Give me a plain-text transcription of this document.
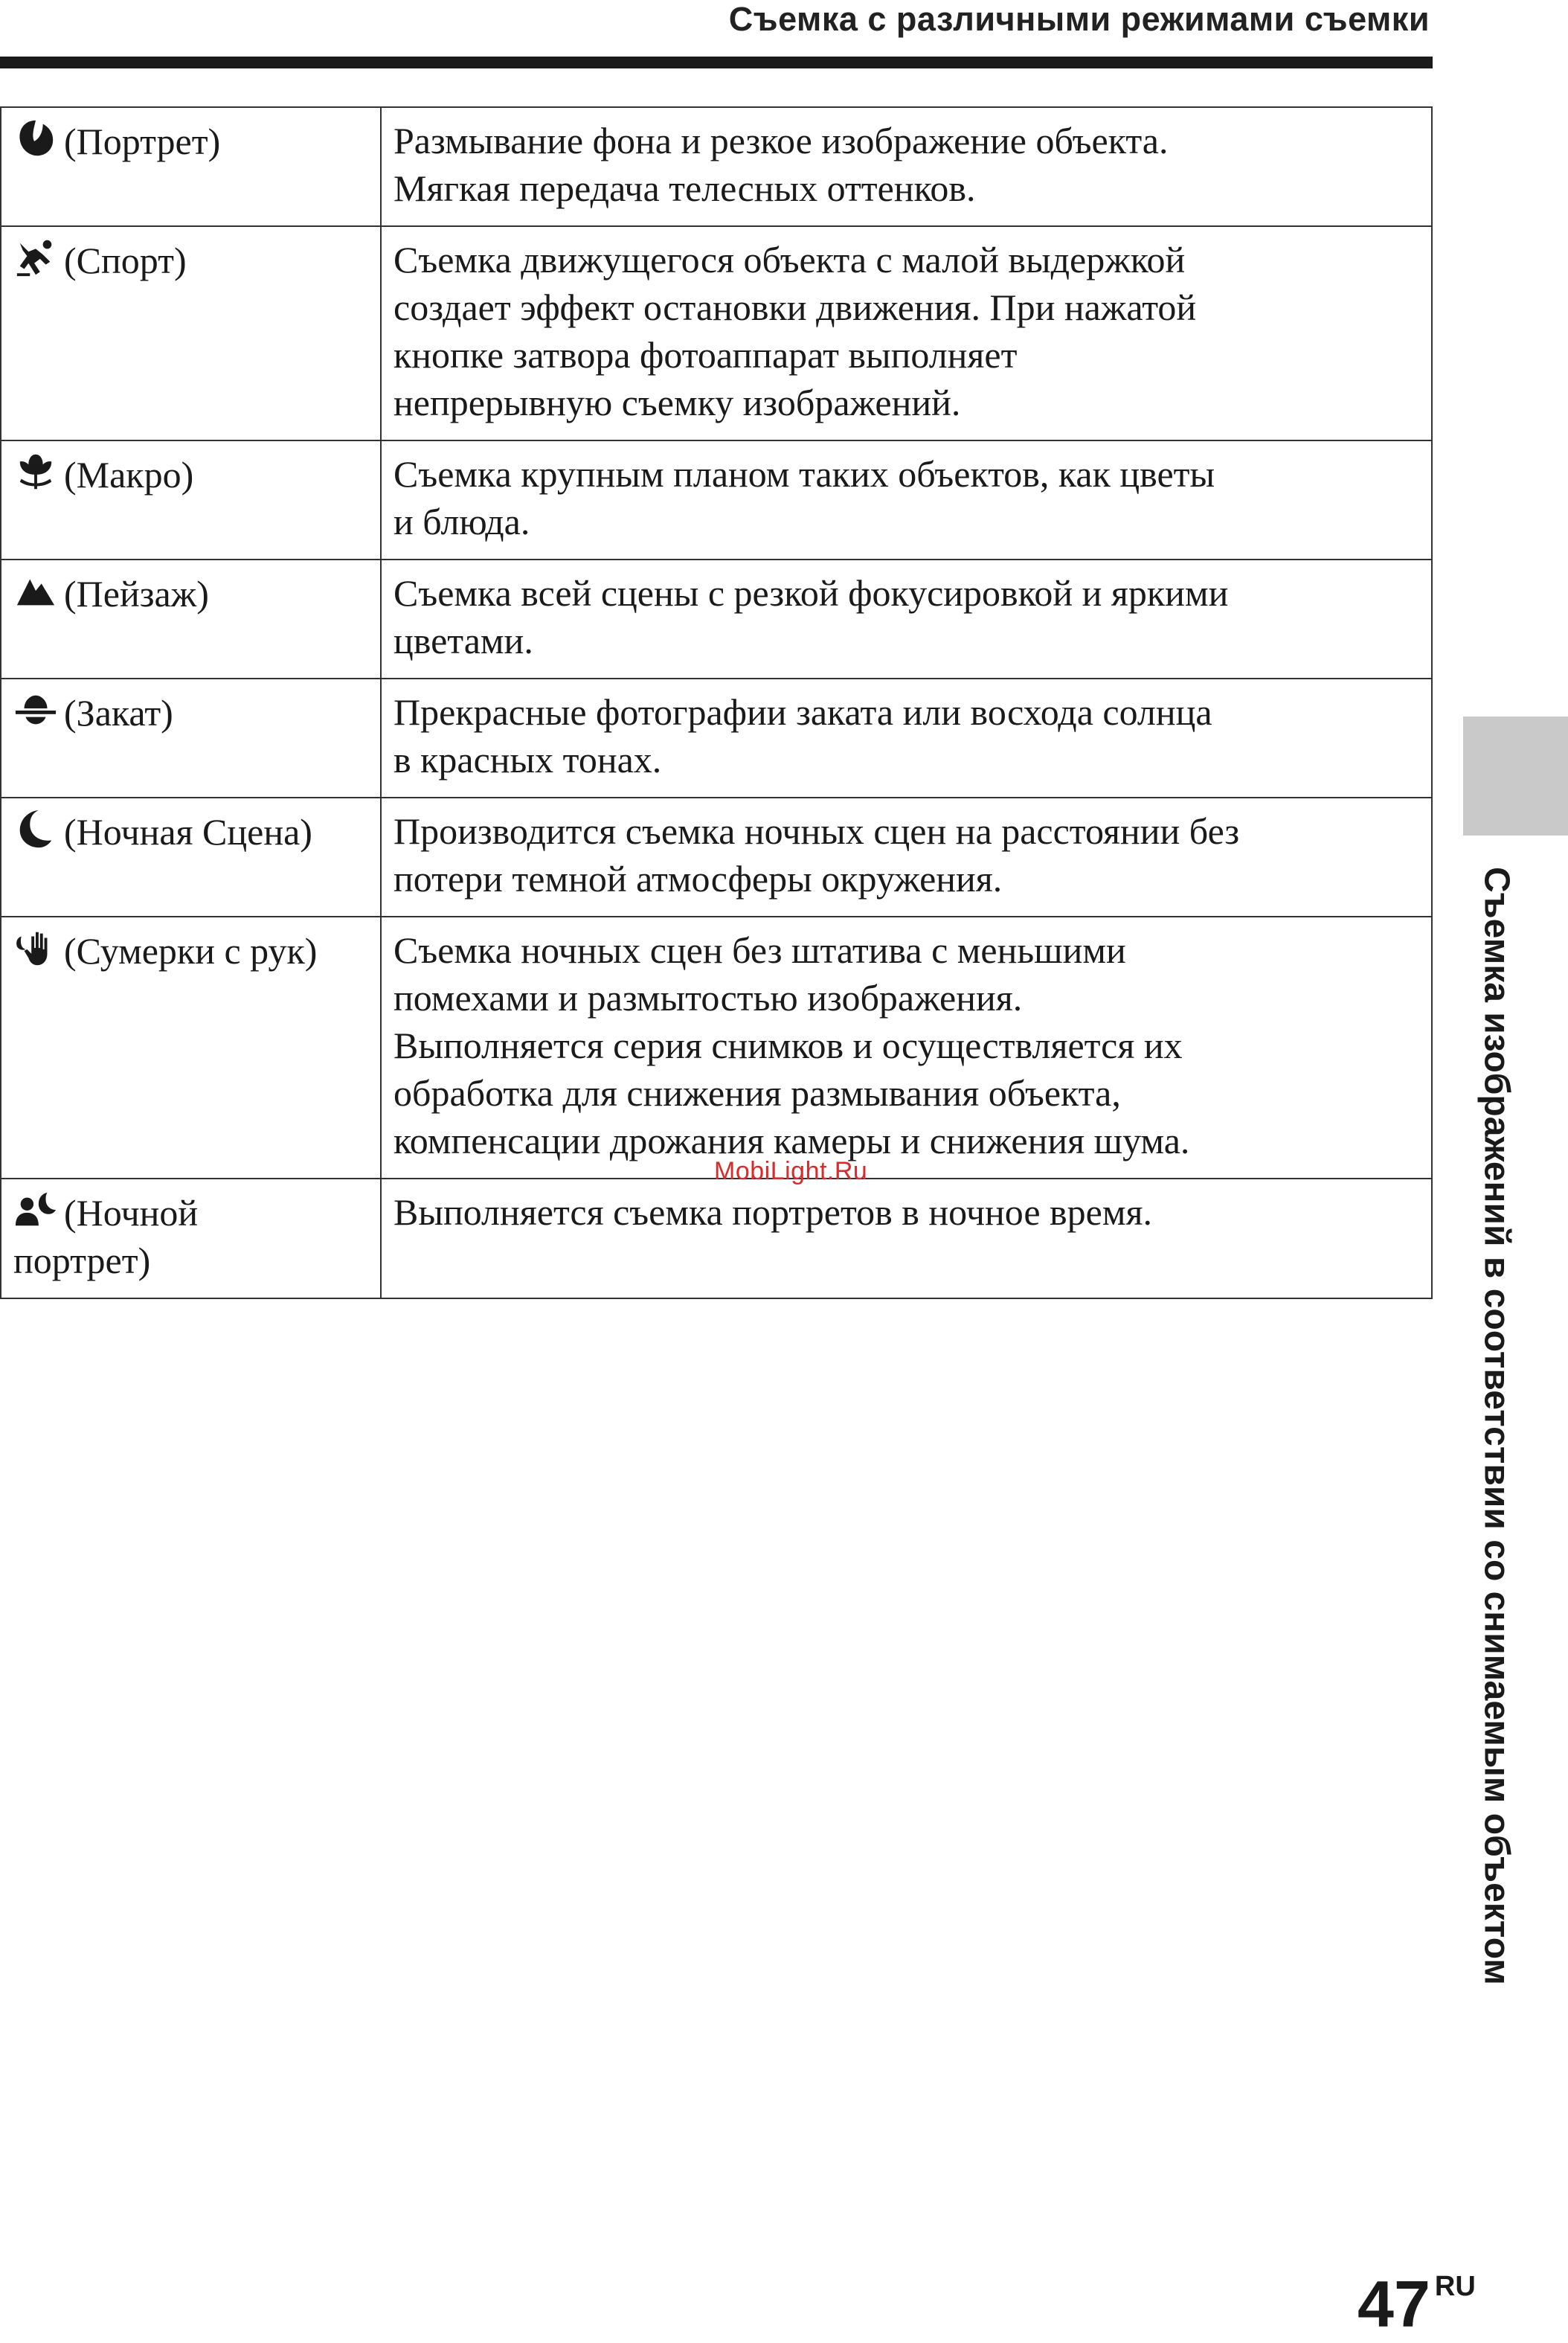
Съемка с различными режимами съемки
(Портрет)	Размывание фона и резкое изображение объекта.
Мягкая передача телесных оттенков.

(Спорт)	Съемка движущегося объекта с малой выдержкой
создает эффект остановки движения. При нажатой
кнопке затвора фотоаппарат выполняет
непрерывную съемку изображений.

(Макро)	Съемка крупным планом таких объектов, как цветы
и блюда.

(Пейзаж)	Съемка всей сцены с резкой фокусировкой и яркими
цветами.

(Закат)	Прекрасные фотографии заката или восхода солнца
в красных тонах.

(Ночная Сцена)	Производится съемка ночных сцен на расстоянии без
потери темной атмосферы окружения.

(Сумерки с рук)	Съемка ночных сцен без штатива с меньшими
помехами и размытостью изображения.
Выполняется серия снимков и осуществляется их
обработка для снижения размывания объекта,
компенсации дрожания камеры и снижения шума.

(Ночной
портрет)	Выполняется съемка портретов в ночное время.
MobiLight.Ru	Съемка изображений в соответствии со снимаемым объектом
47 RU
